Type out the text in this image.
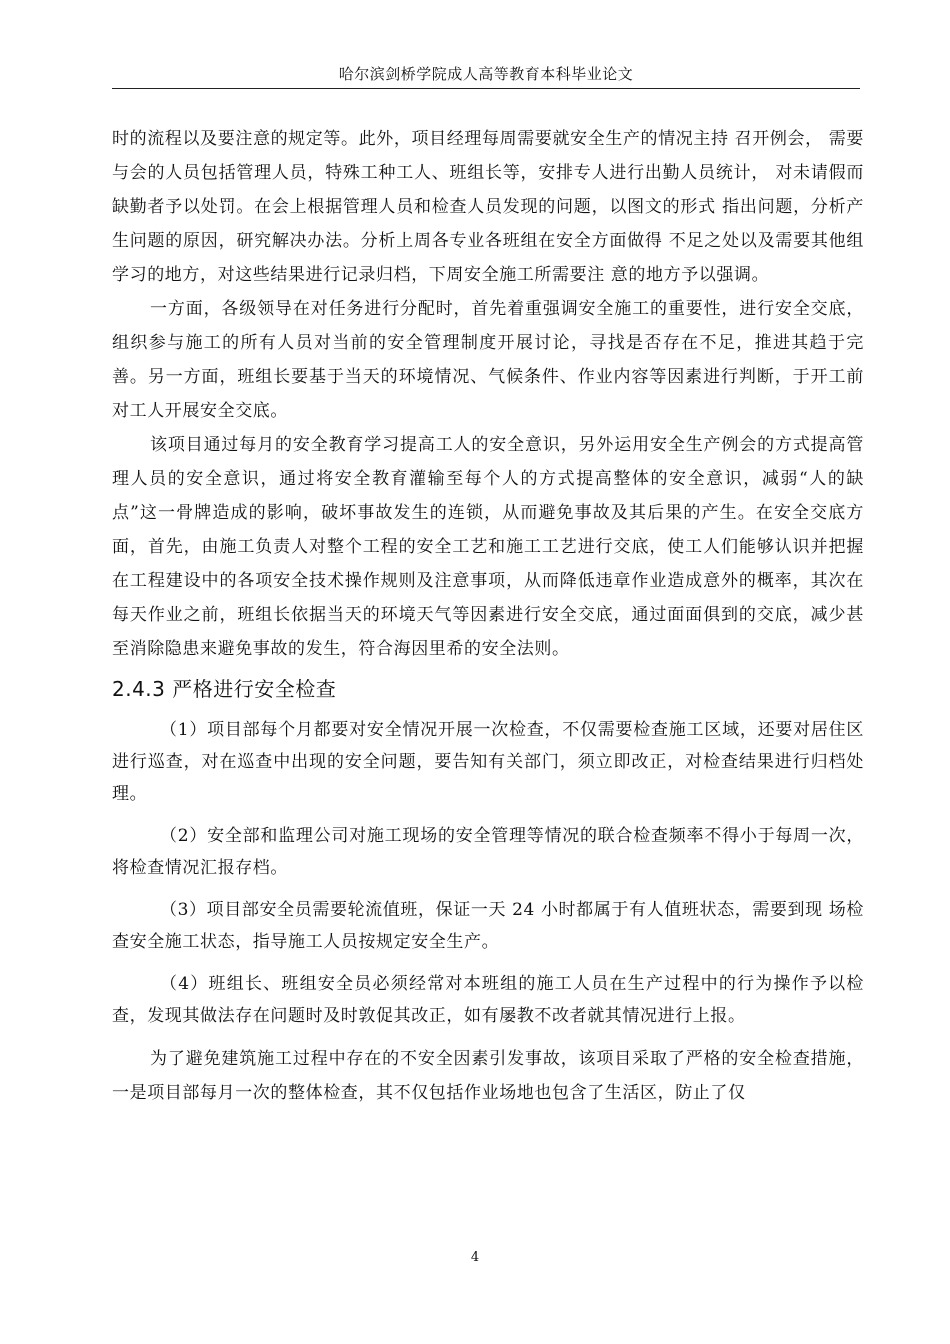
哈尔滨剑桥学院成人高等教育本科毕业论文

时的流程以及要注意的规定等。此外，项目经理每周需要就安全生产的情况主持 召开例会， 需要与会的人员包括管理人员，特殊工种工人、班组长等，安排专人进行出勤人员统计， 对未请假而缺勤者予以处罚。在会上根据管理人员和检查人员发现的问题，以图文的形式 指出问题，分析产生问题的原因，研究解决办法。分析上周各专业各班组在安全方面做得 不足之处以及需要其他组学习的地方，对这些结果进行记录归档，下周安全施工所需要注 意的地方予以强调。

一方面，各级领导在对任务进行分配时，首先着重强调安全施工的重要性，进行安全交底，组织参与施工的所有人员对当前的安全管理制度开展讨论，寻找是否存在不足，推进其趋于完善。另一方面，班组长要基于当天的环境情况、气候条件、作业内容等因素进行判断，于开工前对工人开展安全交底。

该项目通过每月的安全教育学习提高工人的安全意识，另外运用安全生产例会的方式提高管理人员的安全意识，通过将安全教育灌输至每个人的方式提高整体的安全意识，减弱“人的缺点”这一骨牌造成的影响，破坏事故发生的连锁，从而避免事故及其后果的产生。在安全交底方面，首先，由施工负责人对整个工程的安全工艺和施工工艺进行交底，使工人们能够认识并把握在工程建设中的各项安全技术操作规则及注意事项，从而降低违章作业造成意外的概率，其次在每天作业之前，班组长依据当天的环境天气等因素进行安全交底，通过面面俱到的交底，减少甚至消除隐患来避免事故的发生，符合海因里希的安全法则。

2.4.3 严格进行安全检查

（1）项目部每个月都要对安全情况开展一次检查，不仅需要检查施工区域，还要对居住区进行巡查，对在巡查中出现的安全问题，要告知有关部门，须立即改正，对检查结果进行归档处理。

（2）安全部和监理公司对施工现场的安全管理等情况的联合检查频率不得小于每周一次，将检查情况汇报存档。

（3）项目部安全员需要轮流值班，保证一天 24 小时都属于有人值班状态，需要到现 场检查安全施工状态，指导施工人员按规定安全生产。

（4）班组长、班组安全员必须经常对本班组的施工人员在生产过程中的行为操作予以检查，发现其做法存在问题时及时敦促其改正，如有屡教不改者就其情况进行上报。

为了避免建筑施工过程中存在的不安全因素引发事故，该项目采取了严格的安全检查措施，一是项目部每月一次的整体检查，其不仅包括作业场地也包含了生活区，防止了仅

4
